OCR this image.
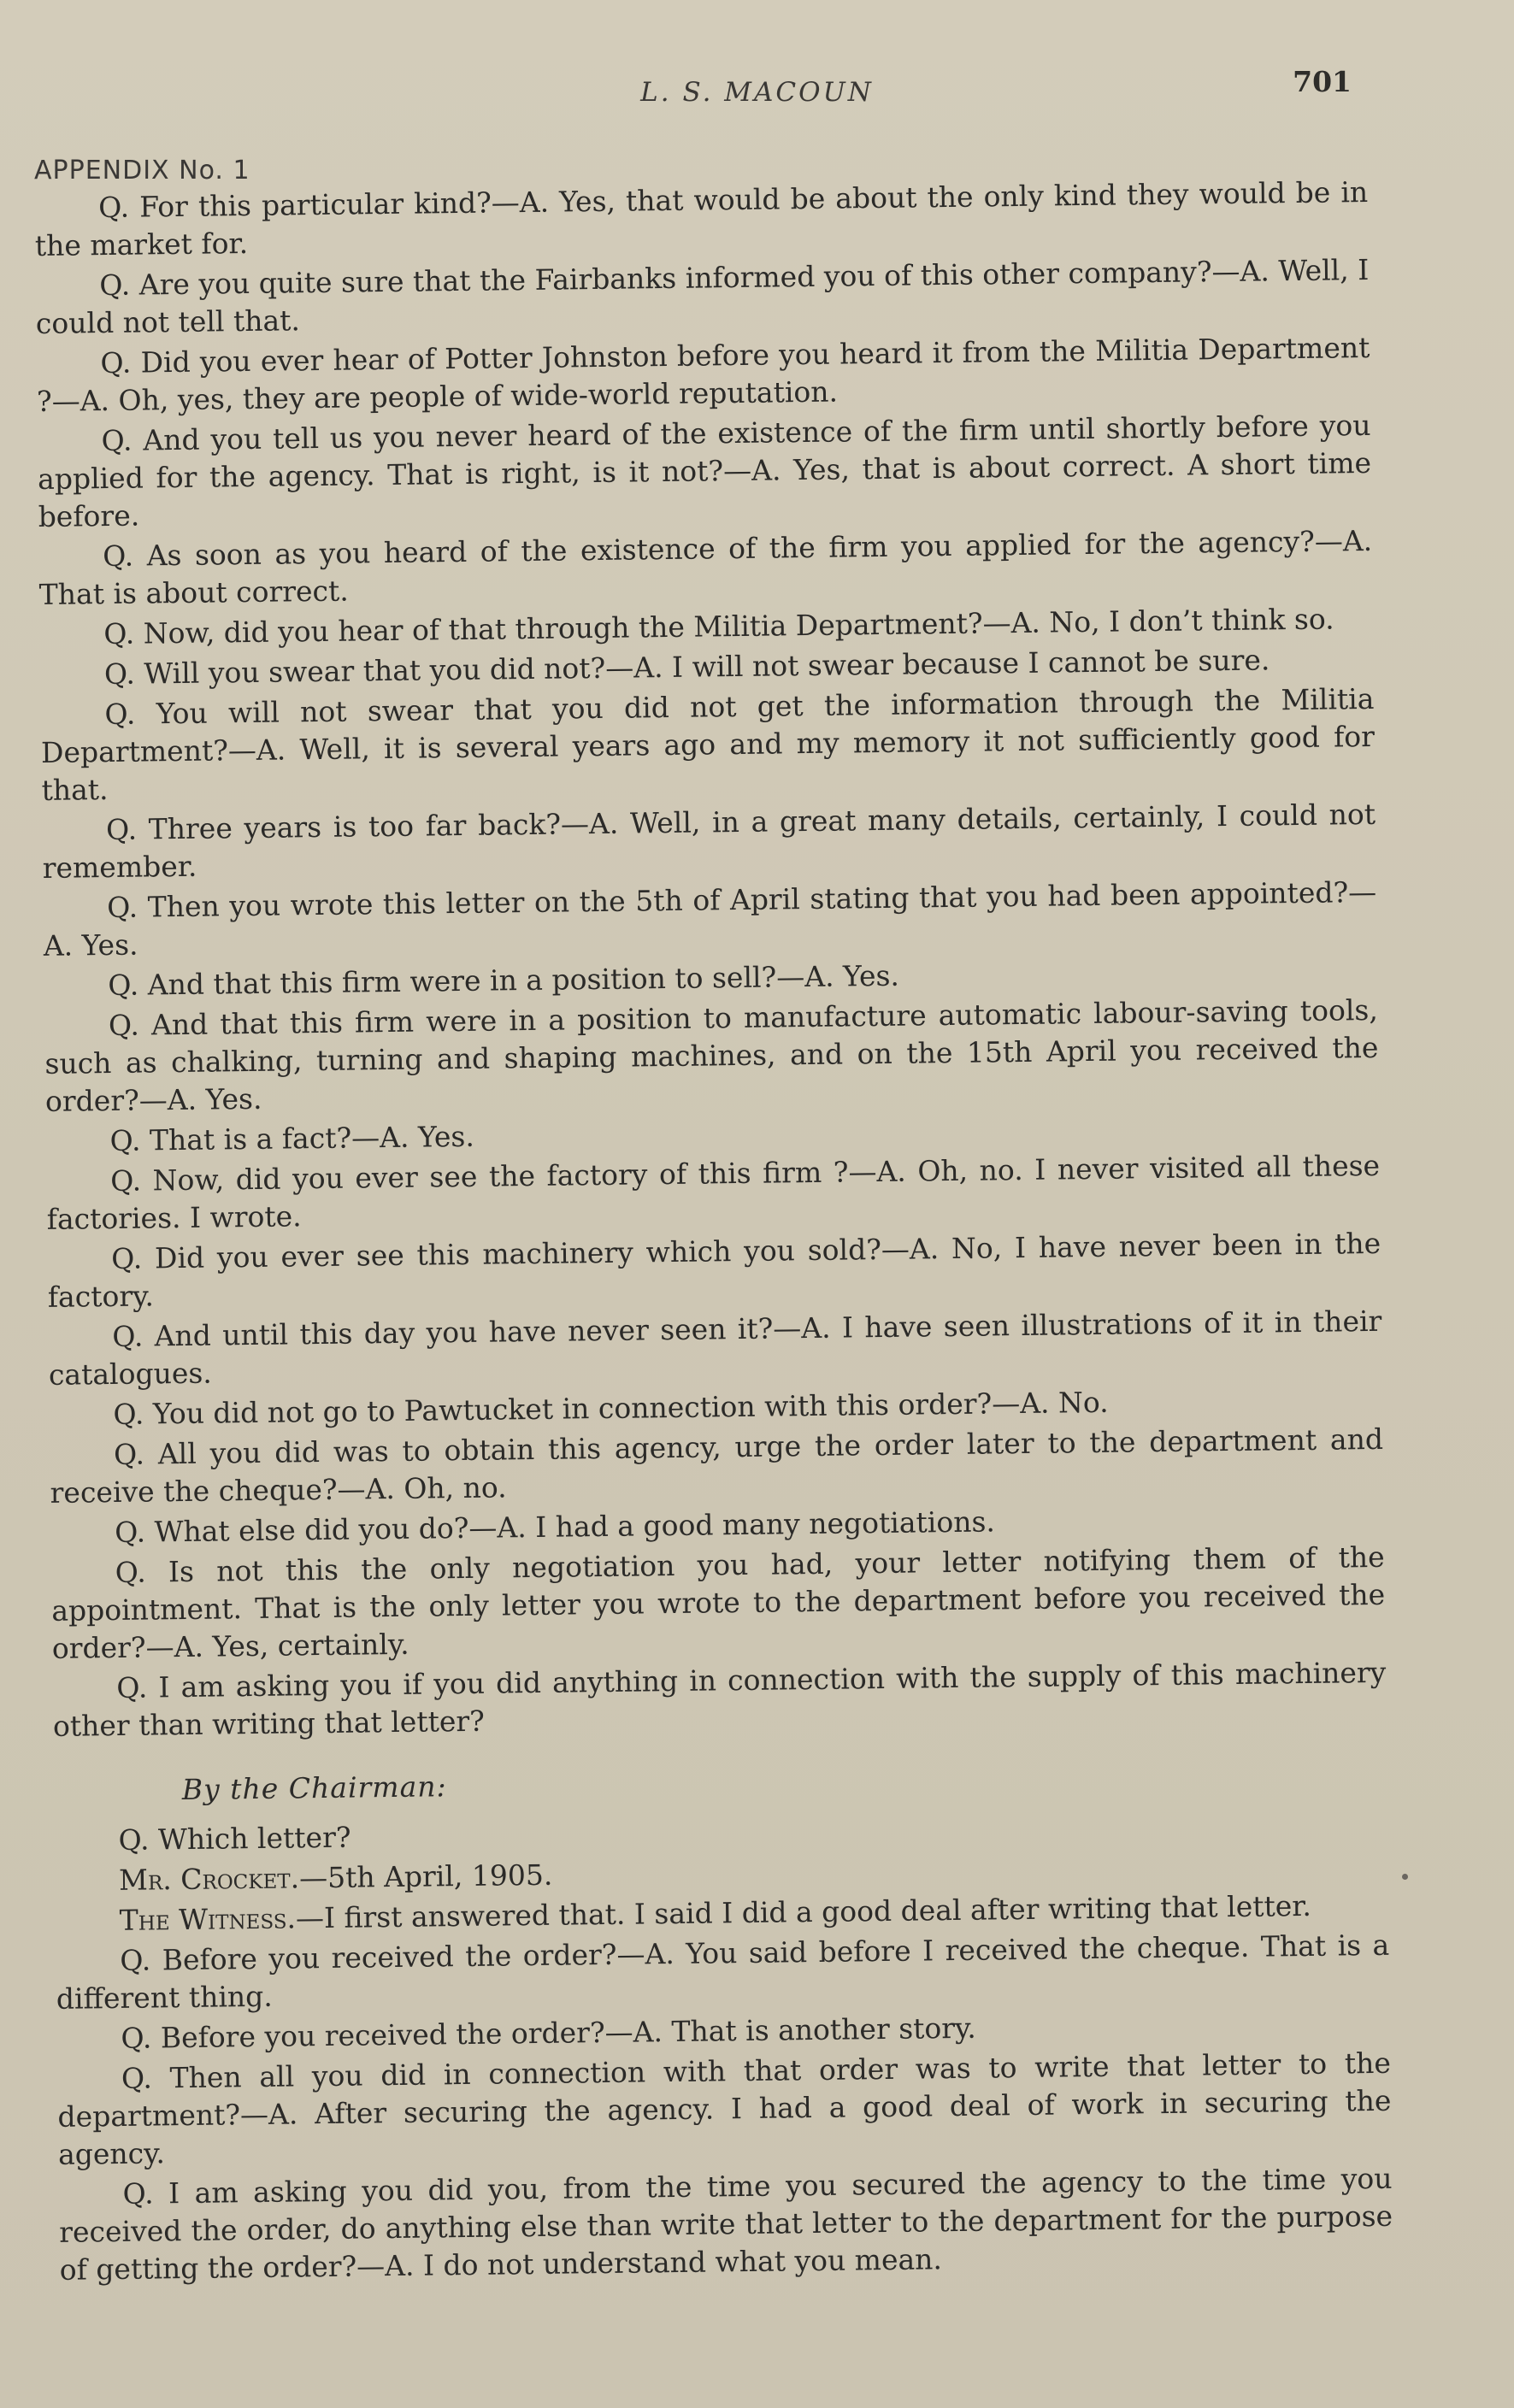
L. S. MACOUN	701
APPENDIX No. 1

Q. For this particular kind?—A. Yes, that would be about the only kind they would be in the market for.

Q. Are you quite sure that the Fairbanks informed you of this other company?—A. Well, I could not tell that.

Q. Did you ever hear of Potter Johnston before you heard it from the Militia Department ?—A. Oh, yes, they are people of wide-world reputation.

Q. And you tell us you never heard of the existence of the firm until shortly before you applied for the agency. That is right, is it not?—A. Yes, that is about correct. A short time before.

Q. As soon as you heard of the existence of the firm you applied for the agency?—A. That is about correct.

Q. Now, did you hear of that through the Militia Department?—A. No, I don’t think so.

Q. Will you swear that you did not?—A. I will not swear because I cannot be sure.

Q. You will not swear that you did not get the information through the Militia Department?—A. Well, it is several years ago and my memory it not sufficiently good for that.

Q. Three years is too far back?—A. Well, in a great many details, certainly, I could not remember.

Q. Then you wrote this letter on the 5th of April stating that you had been appointed?—A. Yes.

Q. And that this firm were in a position to sell?—A. Yes.

Q. And that this firm were in a position to manufacture automatic labour-saving tools, such as chalking, turning and shaping machines, and on the 15th April you received the order?—A. Yes.

Q. That is a fact?—A. Yes.

Q. Now, did you ever see the factory of this firm ?—A. Oh, no. I never visited all these factories. I wrote.

Q. Did you ever see this machinery which you sold?—A. No, I have never been in the factory.

Q. And until this day you have never seen it?—A. I have seen illustrations of it in their catalogues.

Q. You did not go to Pawtucket in connection with this order?—A. No.

Q. All you did was to obtain this agency, urge the order later to the department and receive the cheque?—A. Oh, no.

Q. What else did you do?—A. I had a good many negotiations.

Q. Is not this the only negotiation you had, your letter notifying them of the appointment. That is the only letter you wrote to the department before you received the order?—A. Yes, certainly.

Q. I am asking you if you did anything in connection with the supply of this machinery other than writing that letter?

By the Chairman:

Q. Which letter?

Mr. Crocket.—5th April, 1905.

The Witness.—I first answered that. I said I did a good deal after writing that letter.

Q. Before you received the order?—A. You said before I received the cheque. That is a different thing.

Q. Before you received the order?—A. That is another story.

Q. Then all you did in connection with that order was to write that letter to the department?—A. After securing the agency. I had a good deal of work in securing the agency.

Q. I am asking you did you, from the time you secured the agency to the time you received the order, do anything else than write that letter to the department for the purpose of getting the order?—A. I do not understand what you mean.
